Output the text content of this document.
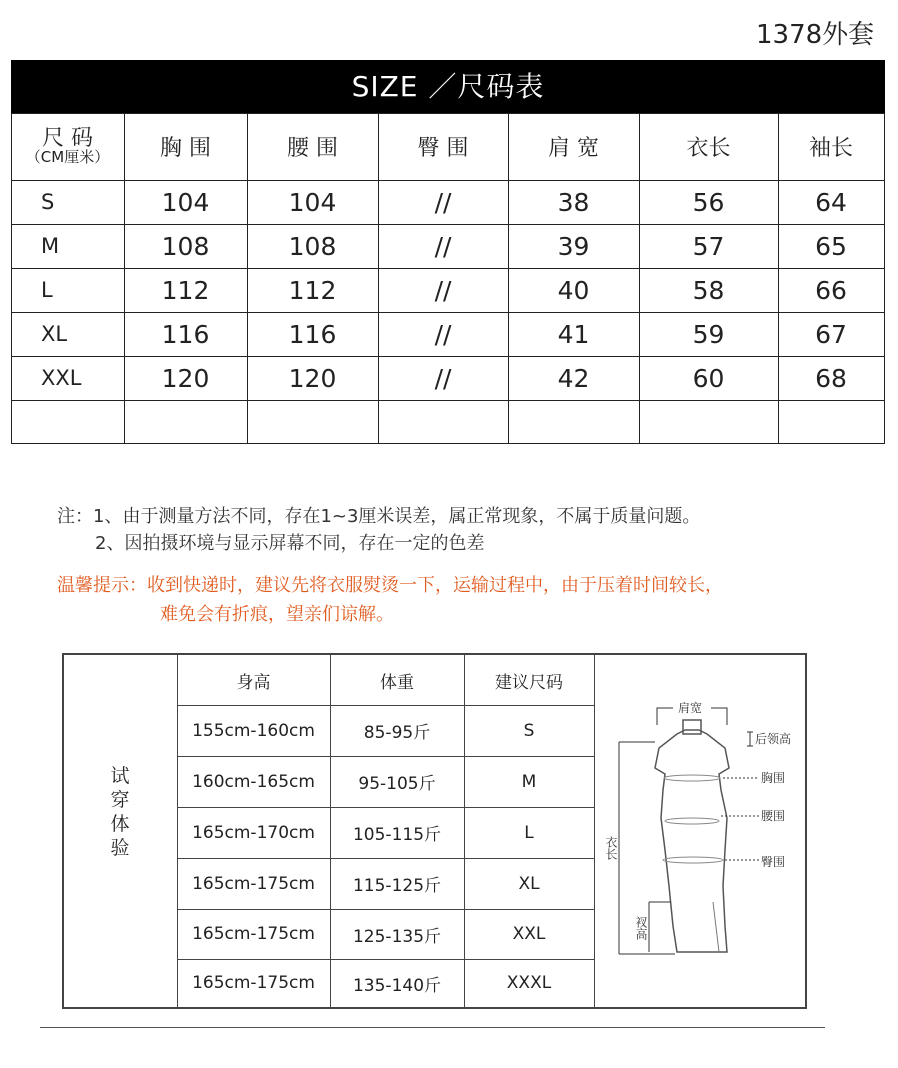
1378外套
SIZE ／尺码表
尺 码
（CM厘米）	胸 围	腰 围	臀 围	肩 宽	衣长	袖长
S	104	104	//	38	56	64
M	108	108	//	39	57	65
L	112	112	//	40	58	66
XL	116	116	//	41	59	67
XXL	120	120	//	42	60	68
注：1、由于测量方法不同，存在1~3厘米误差，属正常现象，不属于质量问题。
2、因拍摄环境与显示屏幕不同，存在一定的色差
温馨提示：收到快递时，建议先将衣服熨烫一下，运输过程中，由于压着时间较长，
难免会有折痕，望亲们谅解。
试穿体验
身高	体重	建议尺码
155cm-160cm	85-95斤	S
160cm-165cm	95-105斤	M
165cm-170cm	105-115斤	L
165cm-175cm	115-125斤	XL
165cm-175cm	125-135斤	XXL
165cm-175cm	135-140斤	XXXL
肩宽
后领高
胸围
腰围
臀围
衣长
衩高
